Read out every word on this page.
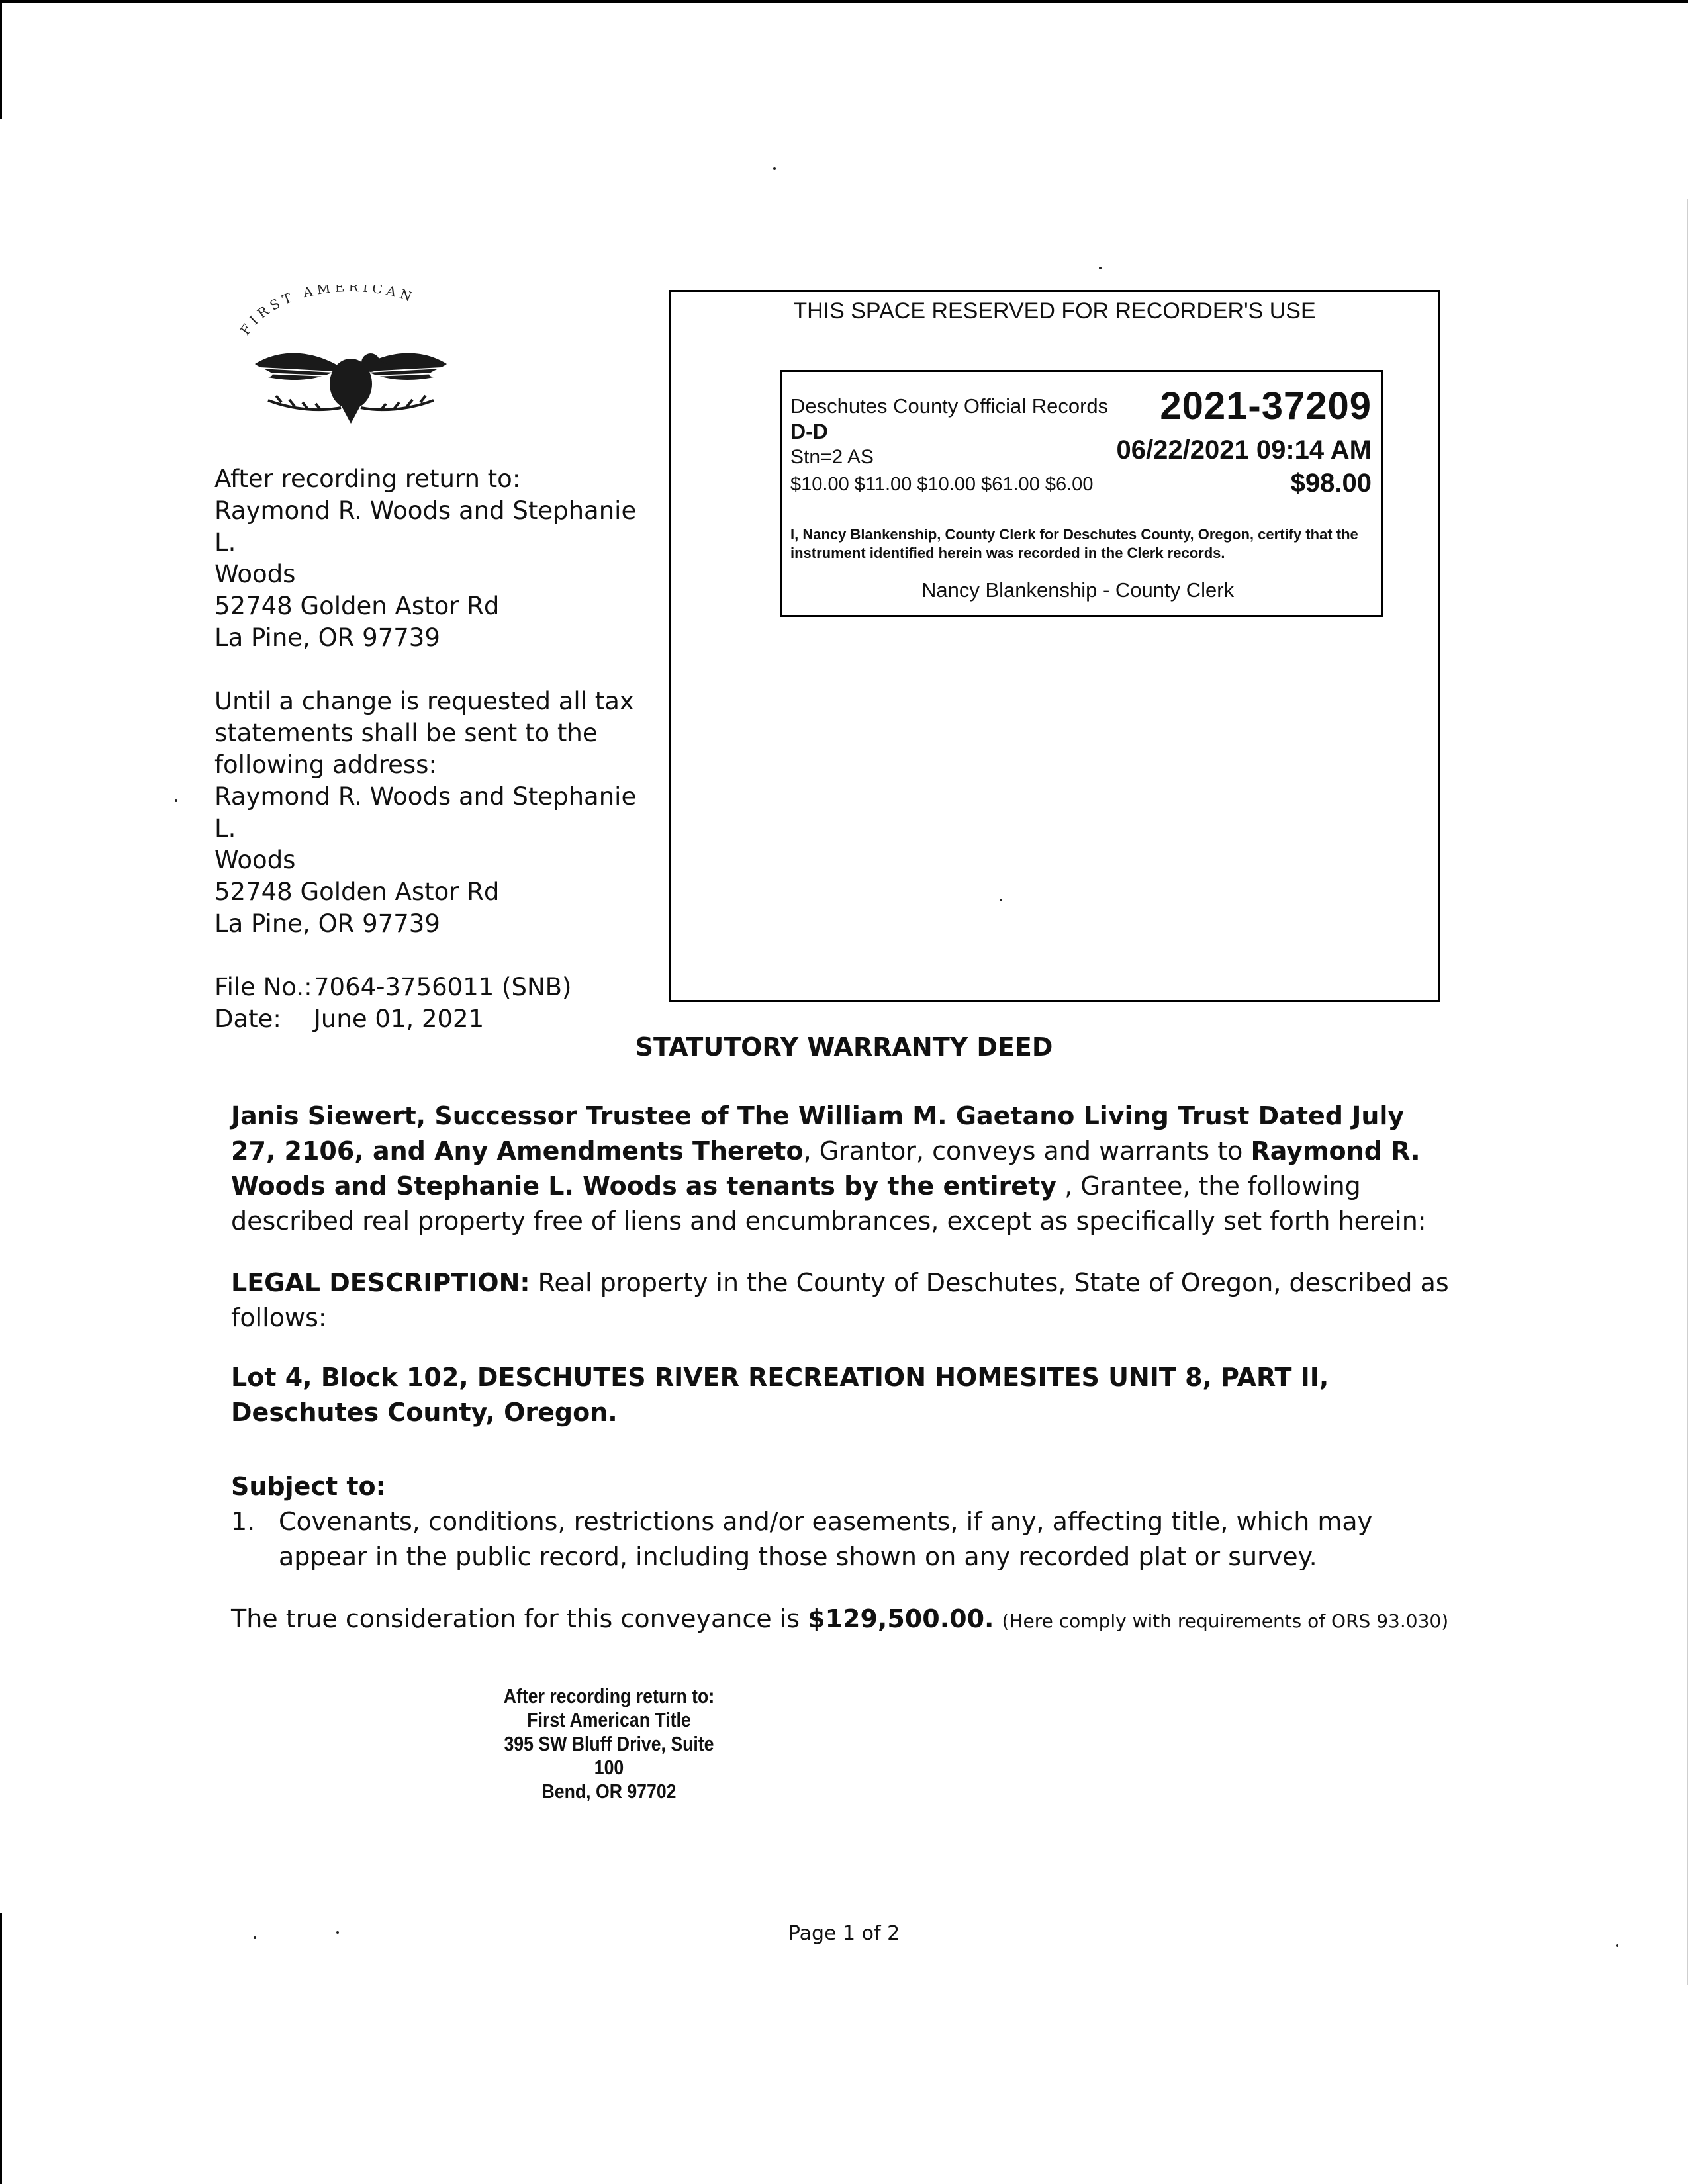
FIRST AMERICAN

After recording return to:

Raymond R. Woods and Stephanie L.

Woods

52748 Golden Astor Rd

La Pine, OR 97739

Until a change is requested all tax

statements shall be sent to the

following address:

Raymond R. Woods and Stephanie L.

Woods

52748 Golden Astor Rd

La Pine, OR 97739

File No.:7064-3756011 (SNB)

Date: June 01, 2021

THIS SPACE RESERVED FOR RECORDER'S USE
Deschutes County Official Records 2021-37209
D-D
Stn=2 AS	06/22/2021 09:14 AM
$10.00 $11.00 $10.00 $61.00 $6.00	$98.00
I, Nancy Blankenship, County Clerk for Deschutes County, Oregon, certify that the instrument identified herein was recorded in the Clerk records.
Nancy Blankenship - County Clerk
STATUTORY WARRANTY DEED
Janis Siewert, Successor Trustee of The William M. Gaetano Living Trust Dated July 27, 2106, and Any Amendments Thereto, Grantor, conveys and warrants to Raymond R. Woods and Stephanie L. Woods as tenants by the entirety , Grantee, the following described real property free of liens and encumbrances, except as specifically set forth herein:
LEGAL DESCRIPTION: Real property in the County of Deschutes, State of Oregon, described as follows:
Lot 4, Block 102, DESCHUTES RIVER RECREATION HOMESITES UNIT 8, PART II, Deschutes County, Oregon.
Subject to:
1. Covenants, conditions, restrictions and/or easements, if any, affecting title, which may appear in the public record, including those shown on any recorded plat or survey.
The true consideration for this conveyance is $129,500.00. (Here comply with requirements of ORS 93.030)

After recording return to:

First American Title

395 SW Bluff Drive, Suite 100

Bend, OR 97702

Page 1 of 2
